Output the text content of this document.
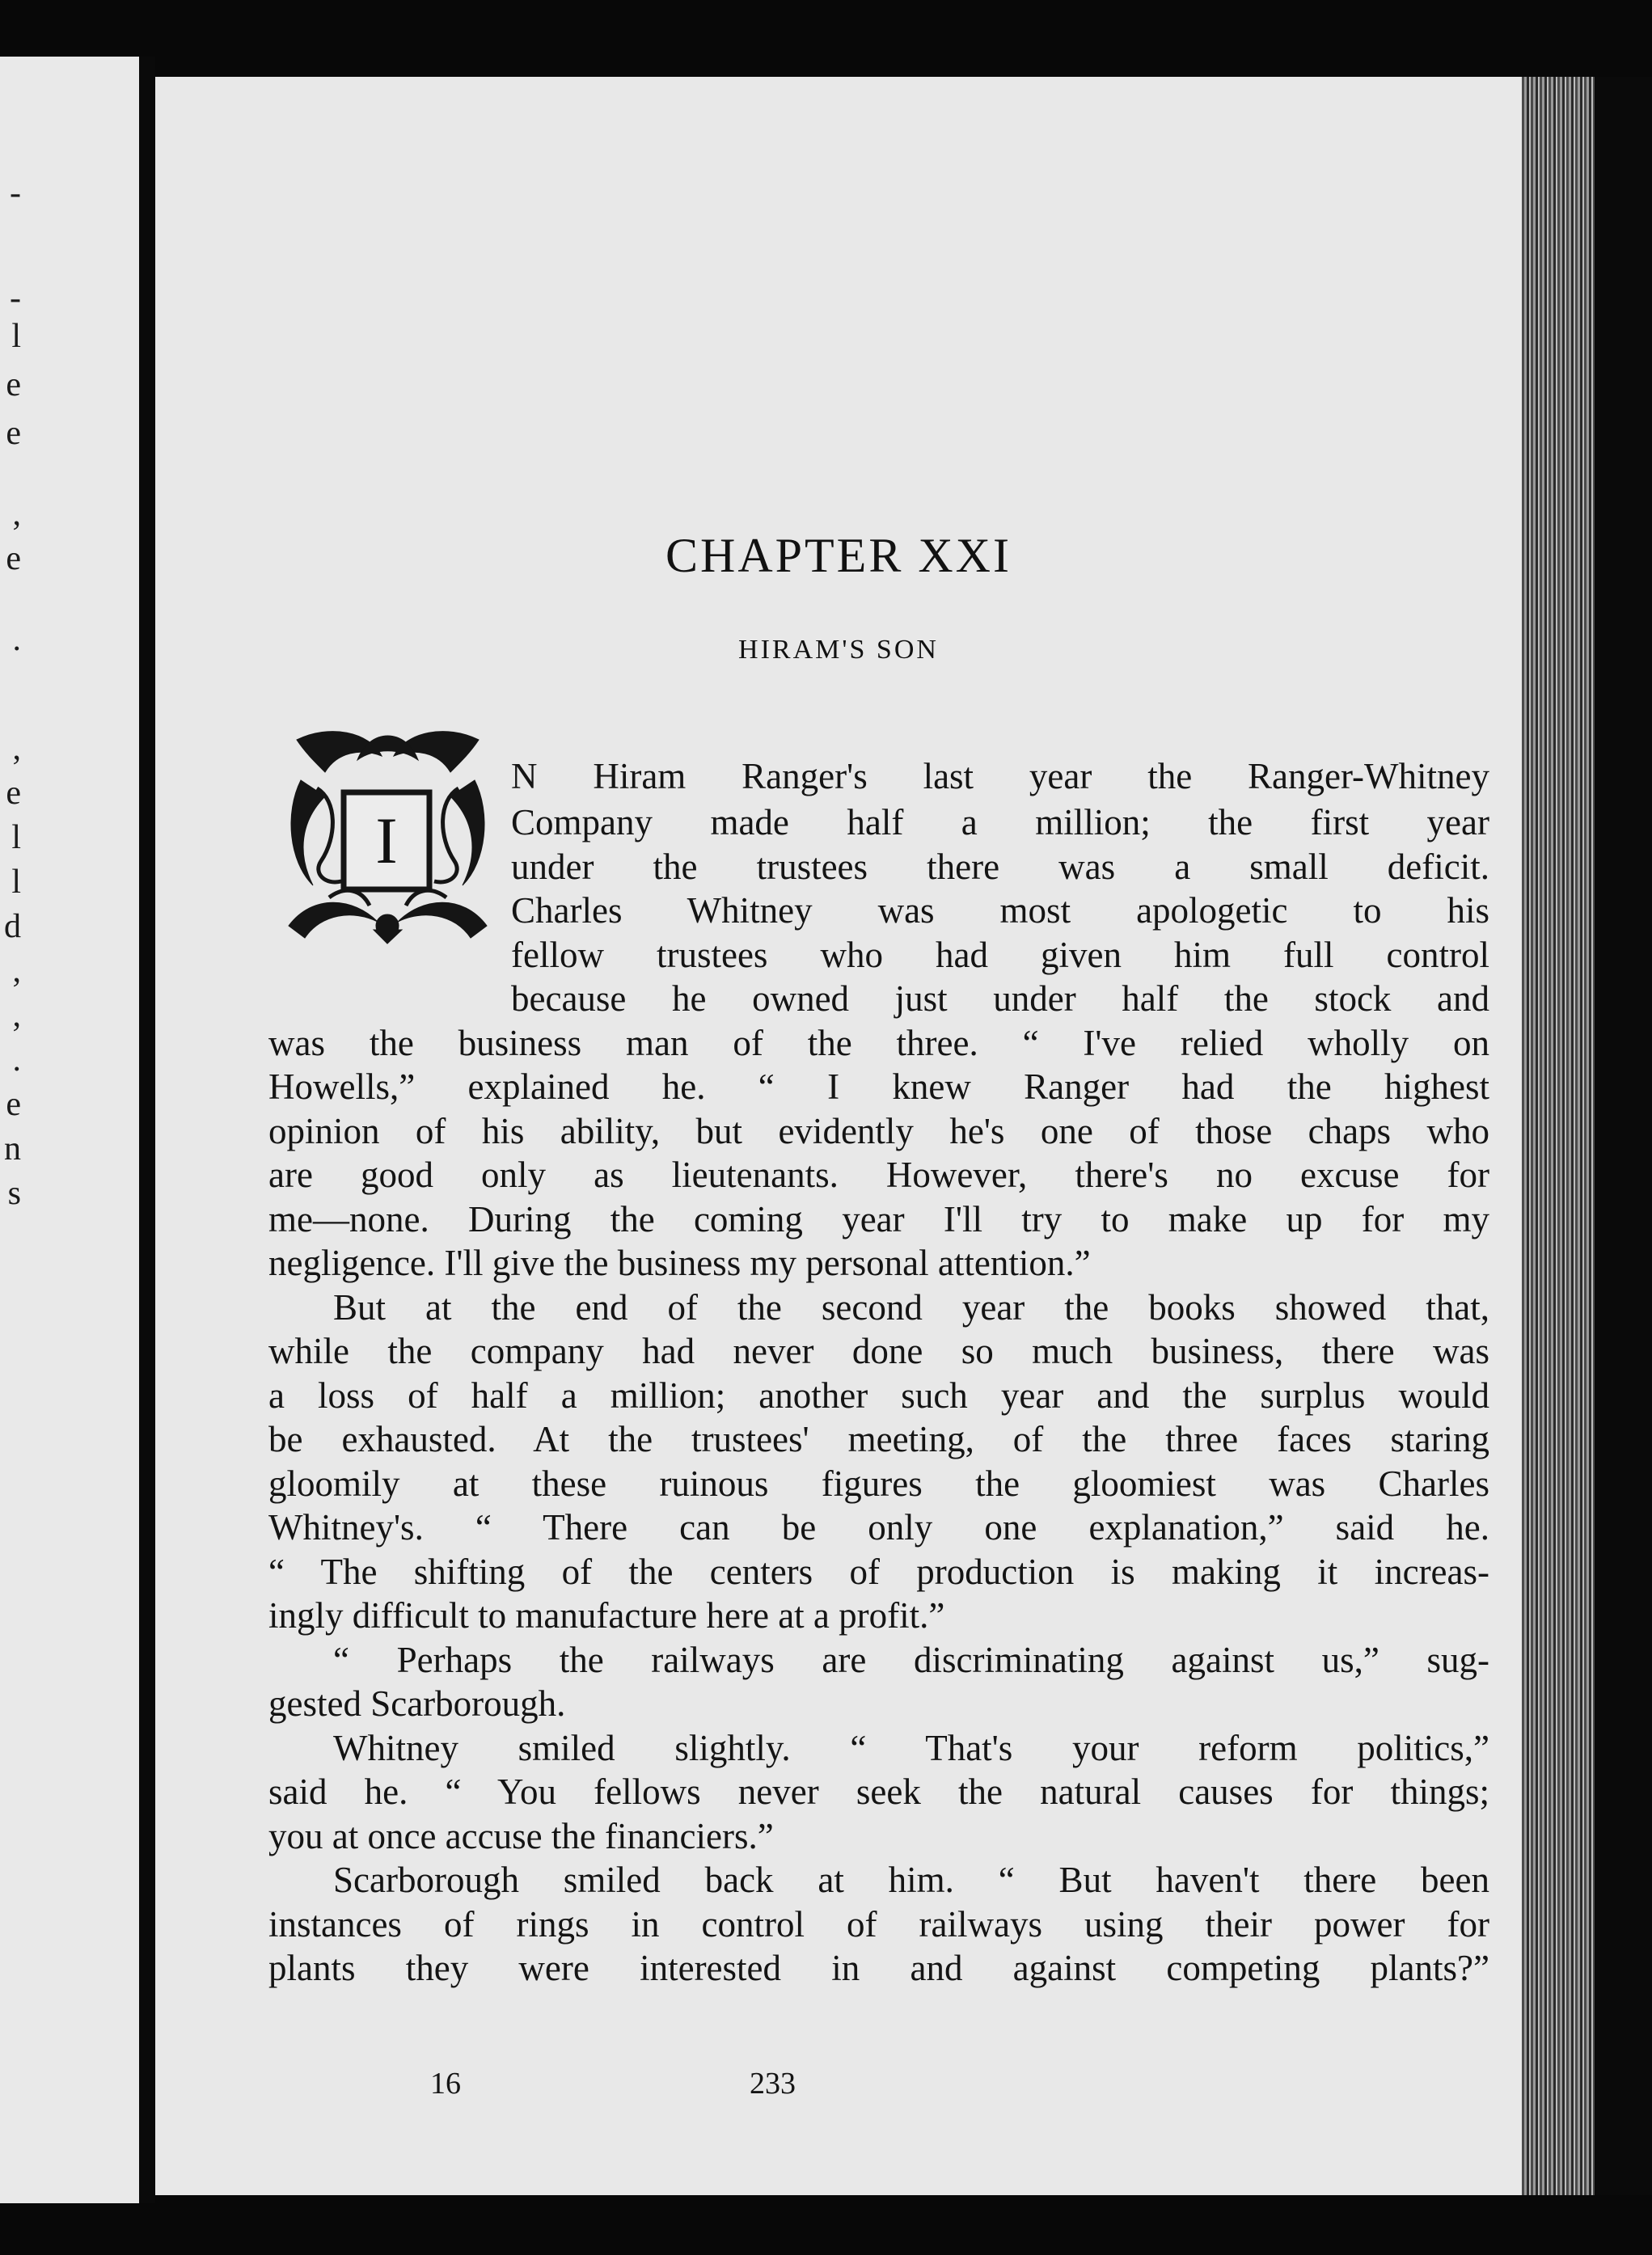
-
-
l
e
e
,
e
.
,
e
l
l
d
,
,
.
e
n
s
CHAPTER XXI
HIRAM'S SON
I
N Hiram Ranger's last year the Ranger-Whitney
Company made half a million; the first year
under the trustees there was a small deficit.
Charles Whitney was most apologetic to his
fellow trustees who had given him full control
because he owned just under half the stock and
was the business man of the three. “ I've relied wholly on
Howells,” explained he. “ I knew Ranger had the highest
opinion of his ability, but evidently he's one of those chaps who
are good only as lieutenants. However, there's no excuse for
me—none. During the coming year I'll try to make up for my
negligence. I'll give the business my personal attention.”
But at the end of the second year the books showed that,
while the company had never done so much business, there was
a loss of half a million; another such year and the surplus would
be exhausted. At the trustees' meeting, of the three faces staring
gloomily at these ruinous figures the gloomiest was Charles
Whitney's. “ There can be only one explanation,” said he.
“ The shifting of the centers of production is making it increas-
ingly difficult to manufacture here at a profit.”
“ Perhaps the railways are discriminating against us,” sug-
gested Scarborough.
Whitney smiled slightly. “ That's your reform politics,”
said he. “ You fellows never seek the natural causes for things;
you at once accuse the financiers.”
Scarborough smiled back at him. “ But haven't there been
instances of rings in control of railways using their power for
plants they were interested in and against competing plants?”
16	233
